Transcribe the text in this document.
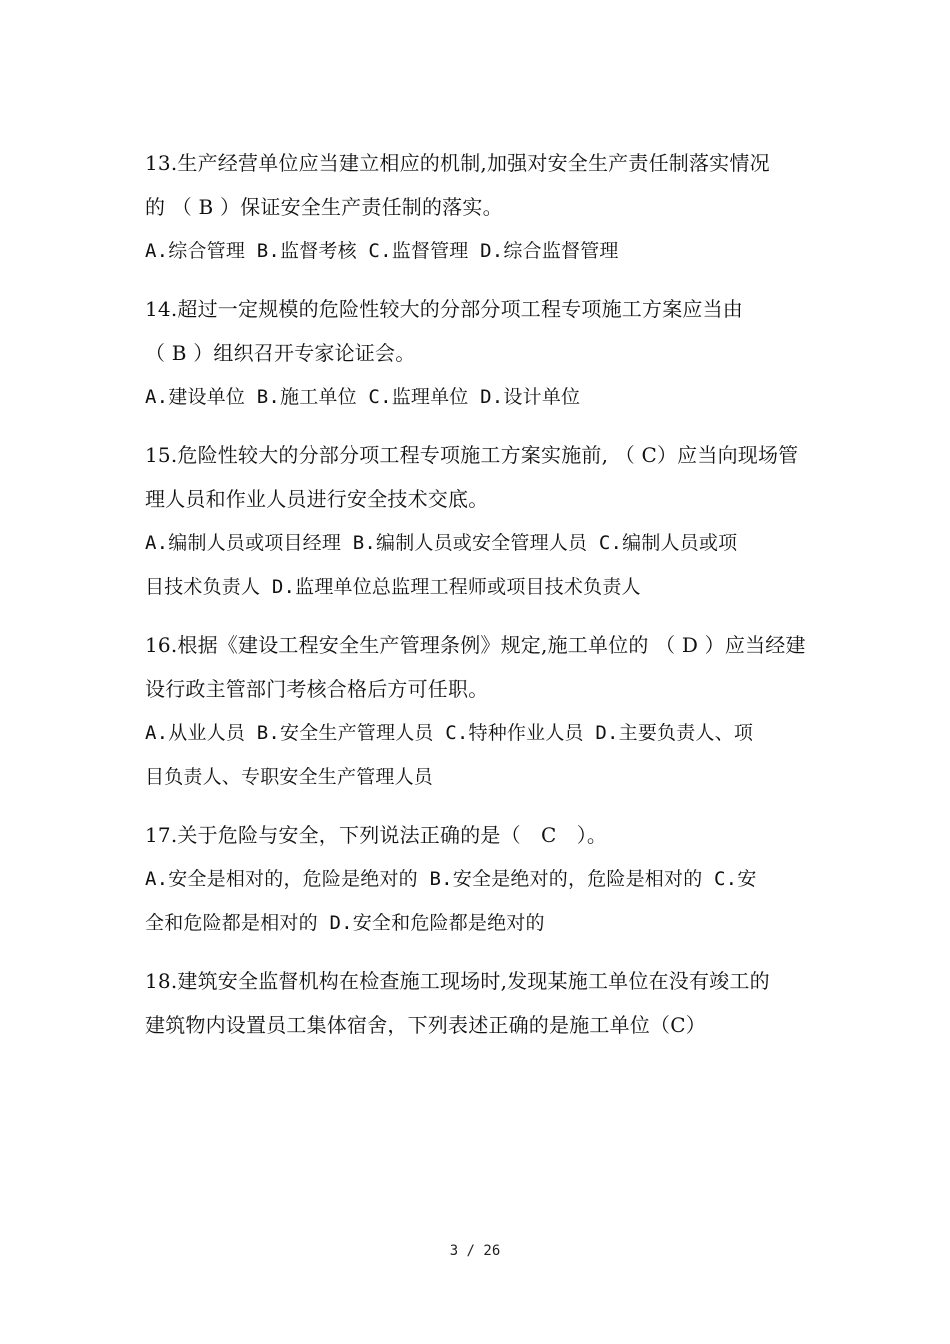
13.生产经营单位应当建立相应的机制,加强对安全生产责任制落实情况
的 （ B ）保证安全生产责任制的落实。
A.综合管理 B.监督考核 C.监督管理 D.综合监督管理
14.超过一定规模的危险性较大的分部分项工程专项施工方案应当由
（ B ）组织召开专家论证会。
A.建设单位 B.施工单位 C.监理单位 D.设计单位
15.危险性较大的分部分项工程专项施工方案实施前, （ C）应当向现场管
理人员和作业人员进行安全技术交底。
A.编制人员或项目经理 B.编制人员或安全管理人员 C.编制人员或项
目技术负责人 D.监理单位总监理工程师或项目技术负责人
16.根据《建设工程安全生产管理条例》规定,施工单位的 （ D ）应当经建
设行政主管部门考核合格后方可任职。
A.从业人员 B.安全生产管理人员 C.特种作业人员 D.主要负责人、项
目负责人、专职安全生产管理人员
17.关于危险与安全，下列说法正确的是（　C　）。
A.安全是相对的，危险是绝对的 B.安全是绝对的，危险是相对的 C.安
全和危险都是相对的 D.安全和危险都是绝对的
18.建筑安全监督机构在检查施工现场时,发现某施工单位在没有竣工的
建筑物内设置员工集体宿舍，下列表述正确的是施工单位（C）
3 / 26
